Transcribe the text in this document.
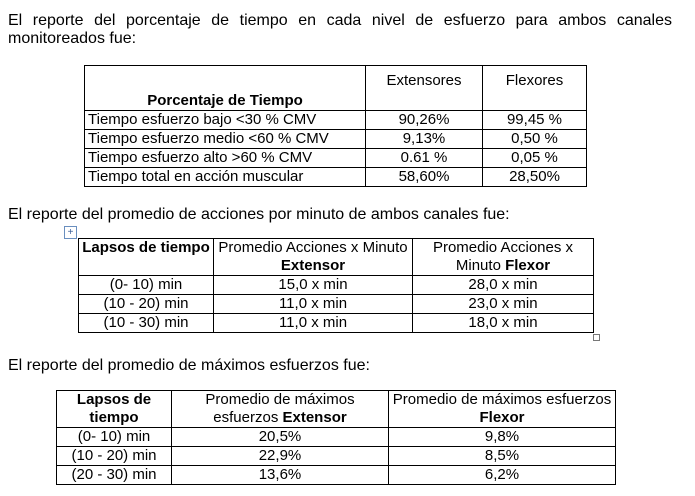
El reporte del porcentaje de tiempo en cada nivel de esfuerzo para ambos canales monitoreados fue:

Porcentaje de Tiempo	Extensores	Flexores
Tiempo esfuerzo bajo <30 % CMV	90,26%	99,45 %
Tiempo esfuerzo medio <60 % CMV	9,13%	0,50 %
Tiempo esfuerzo alto >60 % CMV	0.61 %	0,05 %
Tiempo total en acción muscular	58,60%	28,50%

El reporte del promedio de acciones por minuto de ambos canales fue:

+
Lapsos de tiempo	Promedio Acciones x Minuto Extensor	Promedio Acciones x Minuto Flexor
(0- 10) min	15,0 x min	28,0 x min
(10 - 20) min	11,0 x min	23,0 x min
(10 - 30) min	11,0 x min	18,0 x min

El reporte del promedio de máximos esfuerzos fue:

Lapsos de tiempo	Promedio de máximos esfuerzos Extensor	Promedio de máximos esfuerzos Flexor
(0- 10) min	20,5%	9,8%
(10 - 20) min	22,9%	8,5%
(20 - 30) min	13,6%	6,2%
